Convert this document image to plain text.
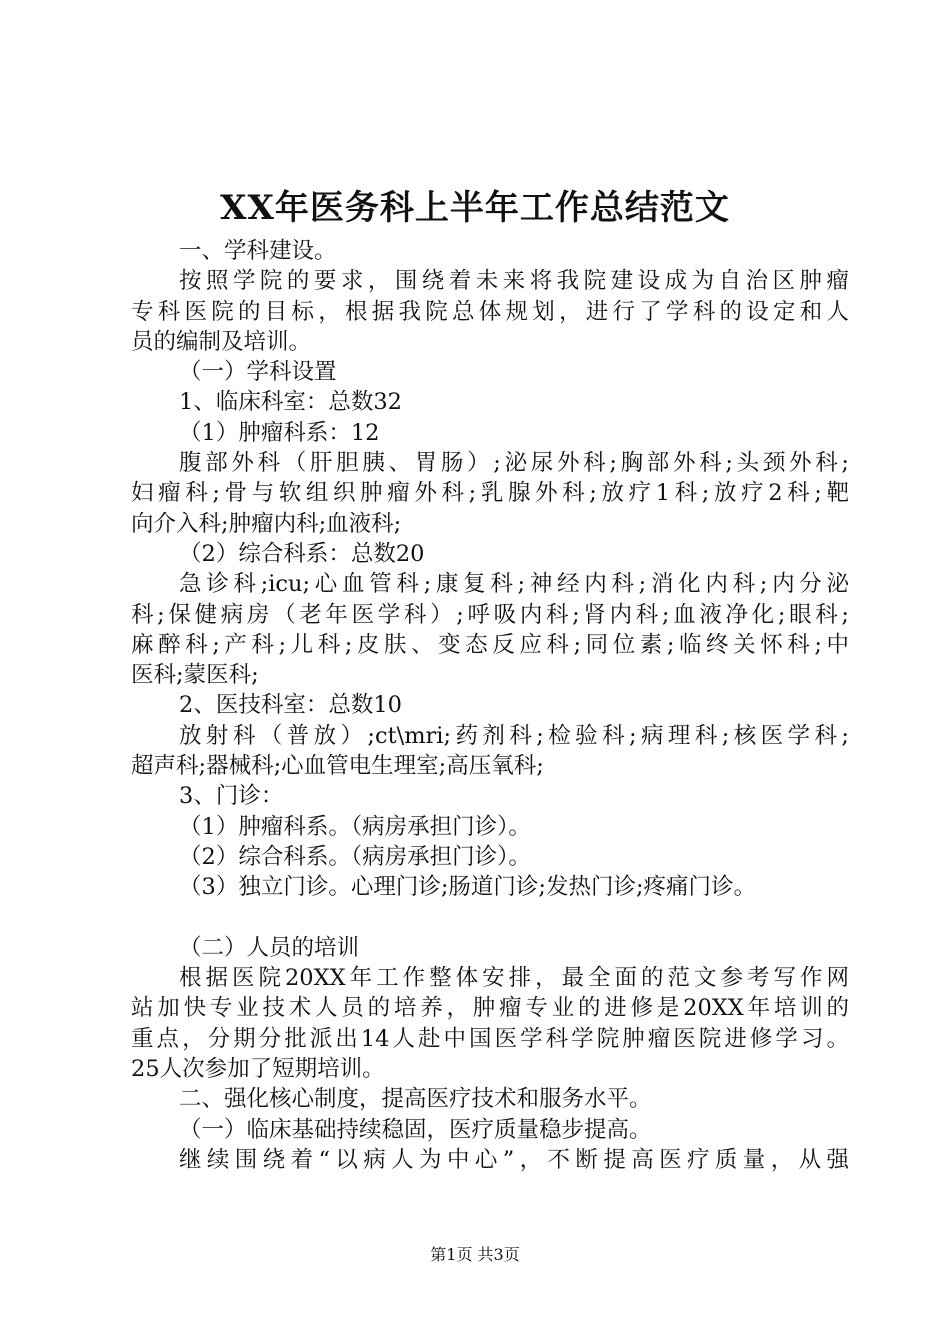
XX年医务科上半年工作总结范文
一、学科建设。
按照学院的要求，围绕着未来将我院建设成为自治区肿瘤
专科医院的目标，根据我院总体规划，进行了学科的设定和人
员的编制及培训。
（一）学科设置
1、临床科室：总数32
（1）肿瘤科系：12
腹部外科（肝胆胰、胃肠）;泌尿外科;胸部外科;头颈外科;
妇瘤科;骨与软组织肿瘤外科;乳腺外科;放疗1科;放疗2科;靶
向介入科;肿瘤内科;血液科;
（2）综合科系：总数20
急诊科;icu;心血管科;康复科;神经内科;消化内科;内分泌
科;保健病房（老年医学科）;呼吸内科;肾内科;血液净化;眼科;
麻醉科;产科;儿科;皮肤、变态反应科;同位素;临终关怀科;中
医科;蒙医科;
2、医技科室：总数10
放射科（普放）;ct\mri;药剂科;检验科;病理科;核医学科;
超声科;器械科;心血管电生理室;高压氧科;
3、门诊：
（1）肿瘤科系。（病房承担门诊）。
（2）综合科系。（病房承担门诊）。
（3）独立门诊。心理门诊;肠道门诊;发热门诊;疼痛门诊。
（二）人员的培训
根据医院20XX年工作整体安排，最全面的范文参考写作网
站加快专业技术人员的培养，肿瘤专业的进修是20XX年培训的
重点，分期分批派出14人赴中国医学科学院肿瘤医院进修学习。
25人次参加了短期培训。
二、强化核心制度，提高医疗技术和服务水平。
（一）临床基础持续稳固，医疗质量稳步提高。
继续围绕着“以病人为中心”，不断提高医疗质量，从强
第1页 共3页
